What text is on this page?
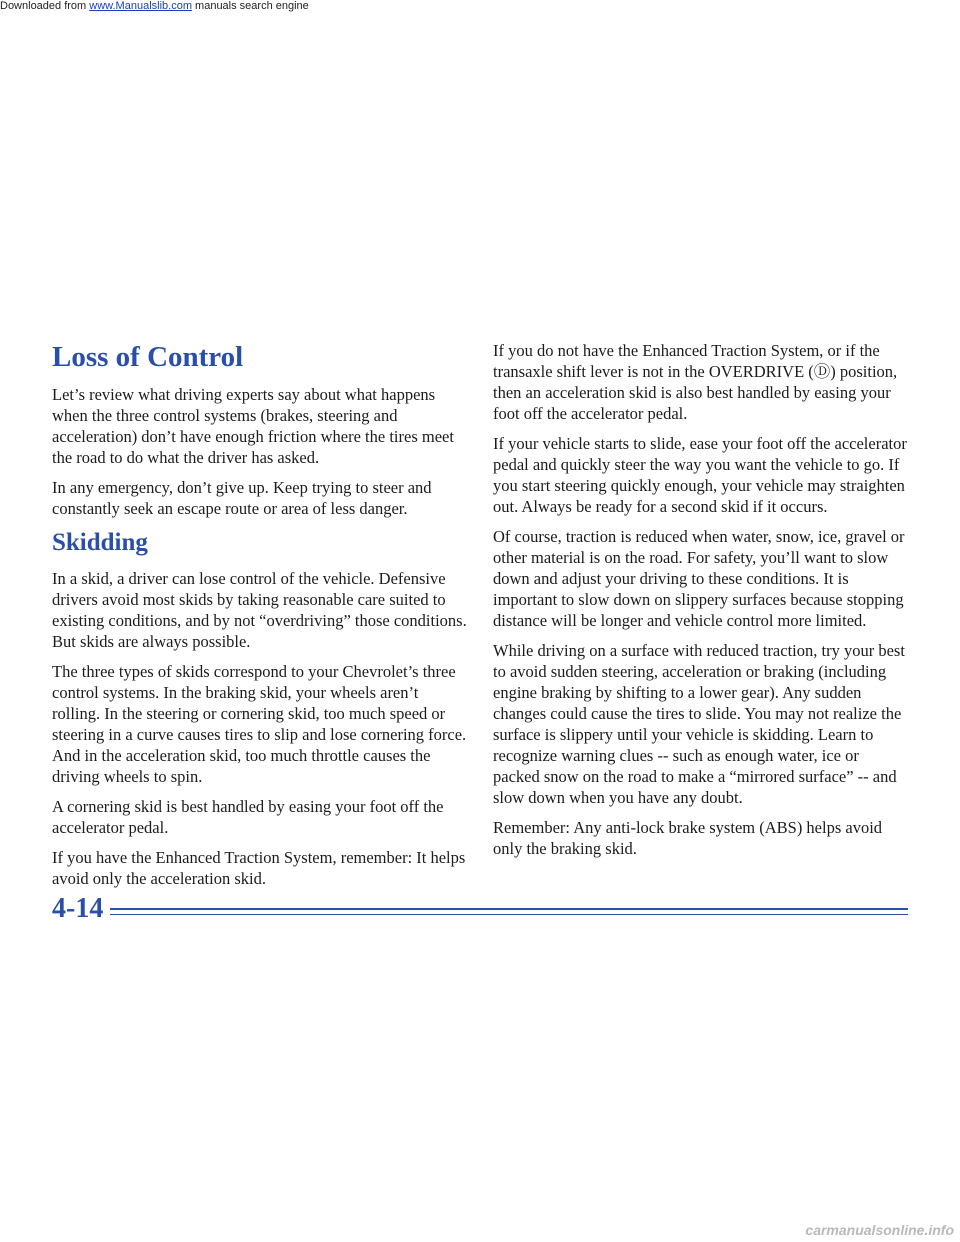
Downloaded from www.Manualslib.com manuals search engine
Loss of Control

Let’s review what driving experts say about what happens when the three control systems (brakes, steering and acceleration) don’t have enough friction where the tires meet the road to do what the driver has asked.

In any emergency, don’t give up. Keep trying to steer and constantly seek an escape route or area of less danger.

Skidding

In a skid, a driver can lose control of the vehicle. Defensive drivers avoid most skids by taking reasonable care suited to existing conditions, and by not “overdriving” those conditions. But skids are always possible.

The three types of skids correspond to your Chevrolet’s three control systems. In the braking skid, your wheels aren’t rolling. In the steering or cornering skid, too much speed or steering in a curve causes tires to slip and lose cornering force. And in the acceleration skid, too much throttle causes the driving wheels to spin.

A cornering skid is best handled by easing your foot off the accelerator pedal.

If you have the Enhanced Traction System, remember: It helps avoid only the acceleration skid.

If you do not have the Enhanced Traction System, or if the transaxle shift lever is not in the OVERDRIVE (Ⓓ) position, then an acceleration skid is also best handled by easing your foot off the accelerator pedal.

If your vehicle starts to slide, ease your foot off the accelerator pedal and quickly steer the way you want the vehicle to go. If you start steering quickly enough, your vehicle may straighten out. Always be ready for a second skid if it occurs.

Of course, traction is reduced when water, snow, ice, gravel or other material is on the road. For safety, you’ll want to slow down and adjust your driving to these conditions. It is important to slow down on slippery surfaces because stopping distance will be longer and vehicle control more limited.

While driving on a surface with reduced traction, try your best to avoid sudden steering, acceleration or braking (including engine braking by shifting to a lower gear). Any sudden changes could cause the tires to slide. You may not realize the surface is slippery until your vehicle is skidding. Learn to recognize warning clues -- such as enough water, ice or packed snow on the road to make a “mirrored surface” -- and slow down when you have any doubt.

Remember: Any anti-lock brake system (ABS) helps avoid only the braking skid.

4-14
carmanualsonline.info
